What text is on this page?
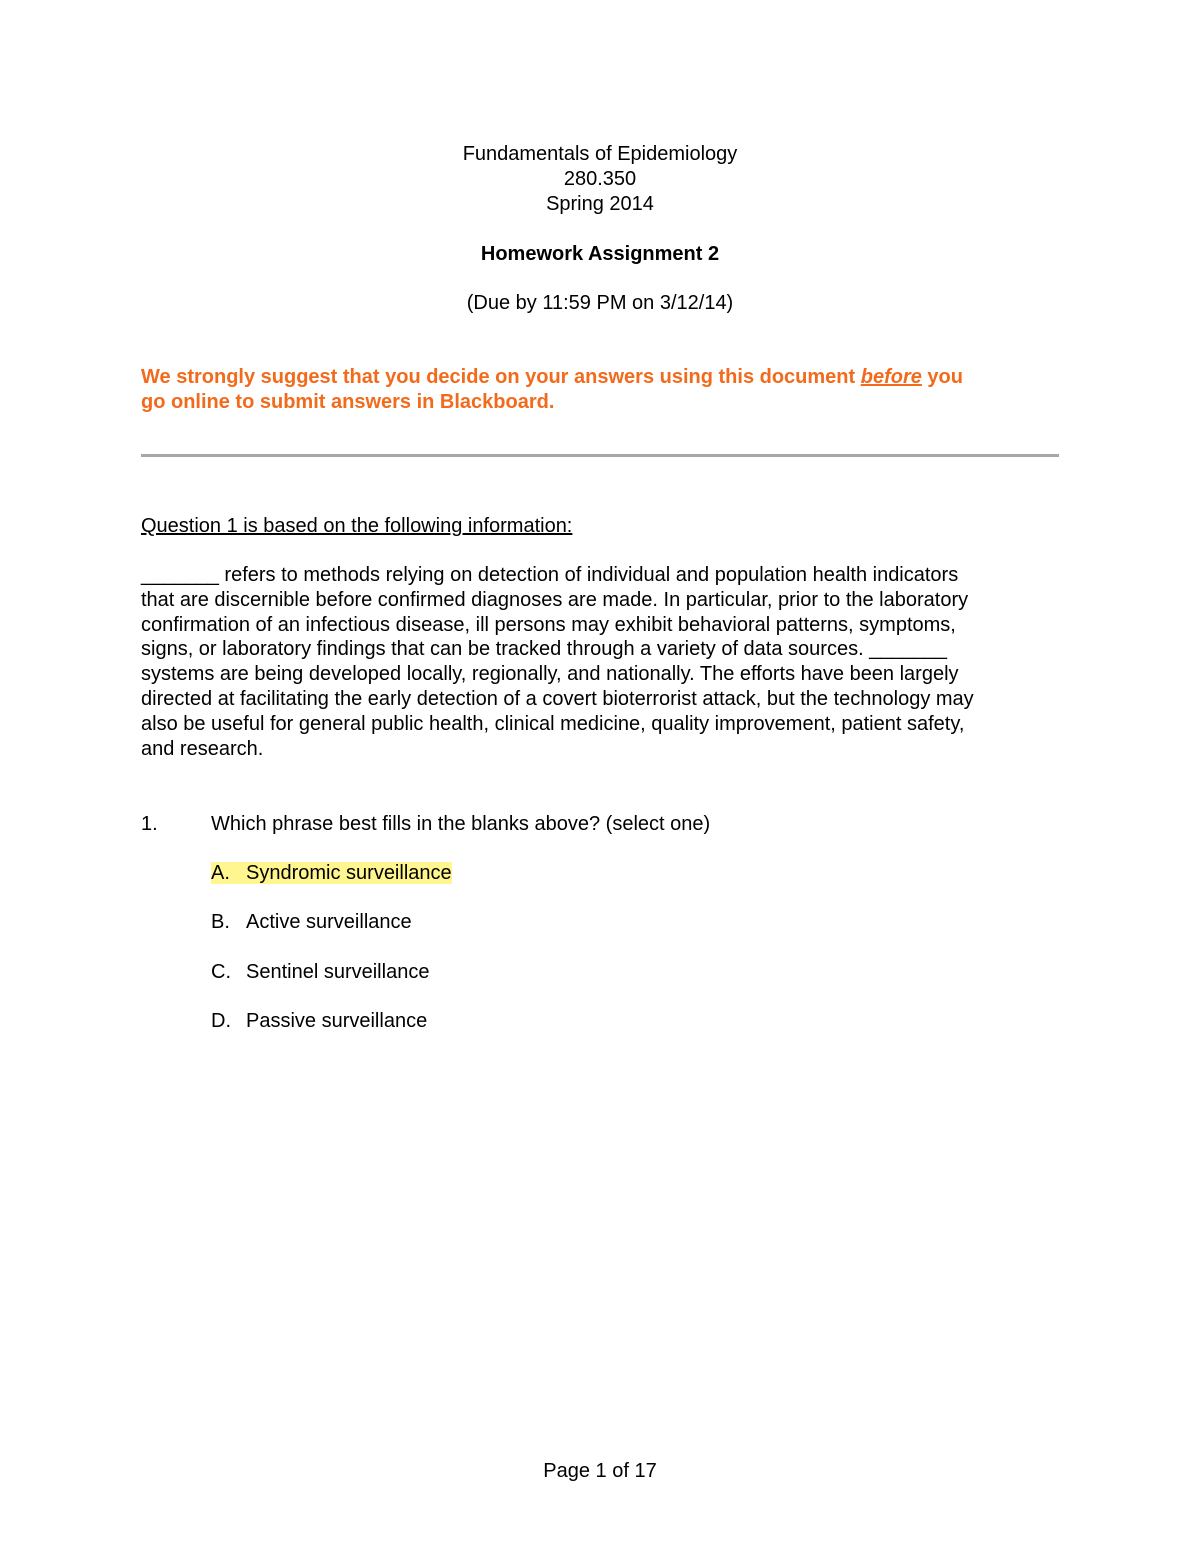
Fundamentals of Epidemiology
280.350
Spring 2014
Homework Assignment 2
(Due by 11:59 PM on 3/12/14)
We strongly suggest that you decide on your answers using this document before you
go online to submit answers in Blackboard.
Question 1 is based on the following information:
_______ refers to methods relying on detection of individual and population health indicators
that are discernible before confirmed diagnoses are made. In particular, prior to the laboratory
confirmation of an infectious disease, ill persons may exhibit behavioral patterns, symptoms,
signs, or laboratory findings that can be tracked through a variety of data sources. _______
systems are being developed locally, regionally, and nationally. The efforts have been largely
directed at facilitating the early detection of a covert bioterrorist attack, but the technology may
also be useful for general public health, clinical medicine, quality improvement, patient safety,
and research.
1.	Which phrase best fills in the blanks above? (select one)
A. Syndromic surveillance
B. Active surveillance
C. Sentinel surveillance
D. Passive surveillance
Page 1 of 17
